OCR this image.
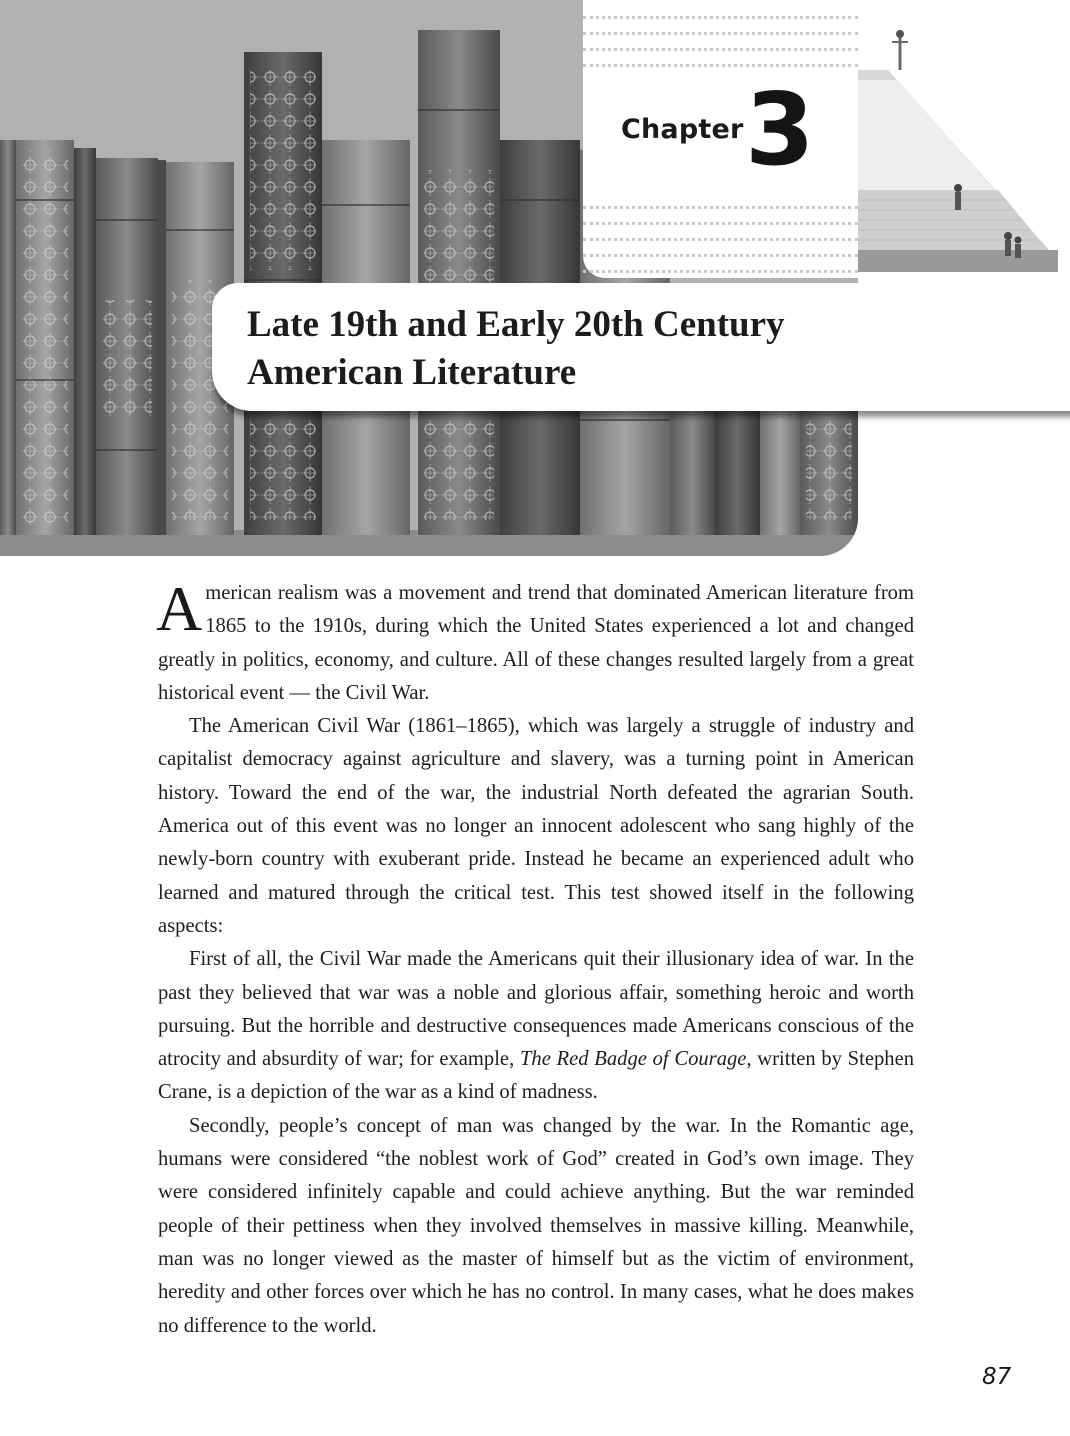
Chapter 3
Late 19th and Early 20th Century
American Literature

American realism was a movement and trend that dominated American literature from 1865 to the 1910s, during which the United States experienced a lot and changed greatly in politics, economy, and culture. All of these changes resulted largely from a great historical event — the Civil War.

The American Civil War (1861–1865), which was largely a struggle of industry and capitalist democracy against agriculture and slavery, was a turning point in American history. Toward the end of the war, the industrial North defeated the agrarian South. America out of this event was no longer an innocent adolescent who sang highly of the newly-born country with exuberant pride. Instead he became an experienced adult who learned and matured through the critical test. This test showed itself in the following aspects:

First of all, the Civil War made the Americans quit their illusionary idea of war. In the past they believed that war was a noble and glorious affair, something heroic and worth pursuing. But the horrible and destructive consequences made Americans conscious of the atrocity and absurdity of war; for example, The Red Badge of Courage, written by Stephen Crane, is a depiction of the war as a kind of madness.

Secondly, people’s concept of man was changed by the war. In the Romantic age, humans were considered “the noblest work of God” created in God’s own image. They were considered infinitely capable and could achieve anything. But the war reminded people of their pettiness when they involved themselves in massive killing. Meanwhile, man was no longer viewed as the master of himself but as the victim of environment, heredity and other forces over which he has no control. In many cases, what he does makes no difference to the world.

87
